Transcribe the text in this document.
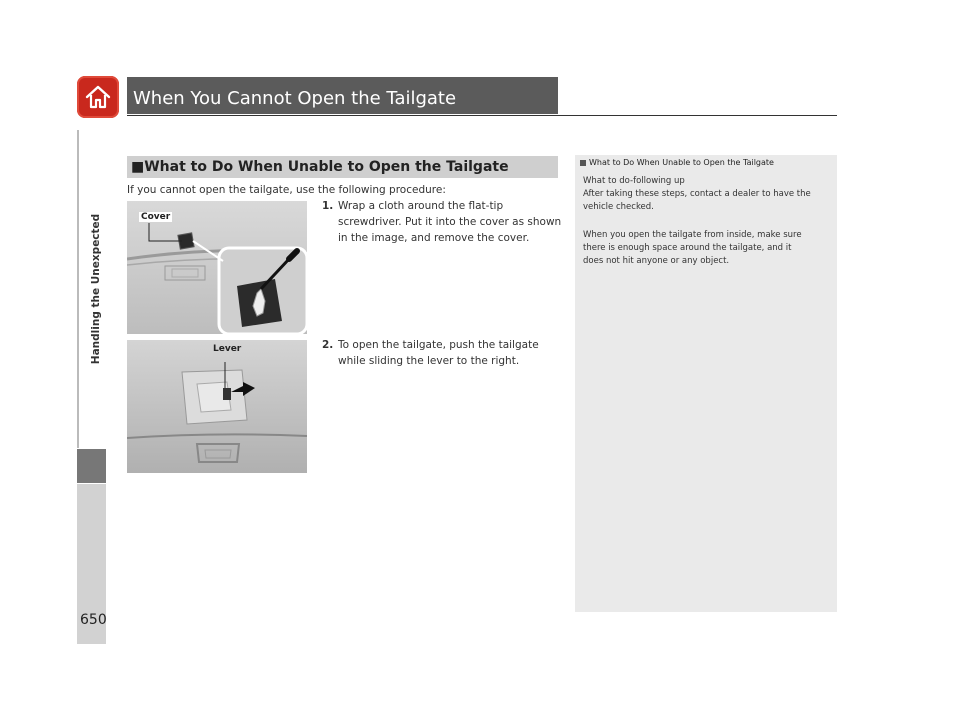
When You Cannot Open the Tailgate
Handling the Unexpected
650
■What to Do When Unable to Open the Tailgate
If you cannot open the tailgate, use the following procedure:
Cover
Lever
1. Wrap a cloth around the flat-tip
screwdriver. Put it into the cover as shown
in the image, and remove the cover.
2. To open the tailgate, push the tailgate
while sliding the lever to the right.
What to Do When Unable to Open the Tailgate
What to do-following up
After taking these steps, contact a dealer to have the
vehicle checked.
When you open the tailgate from inside, make sure
there is enough space around the tailgate, and it
does not hit anyone or any object.
